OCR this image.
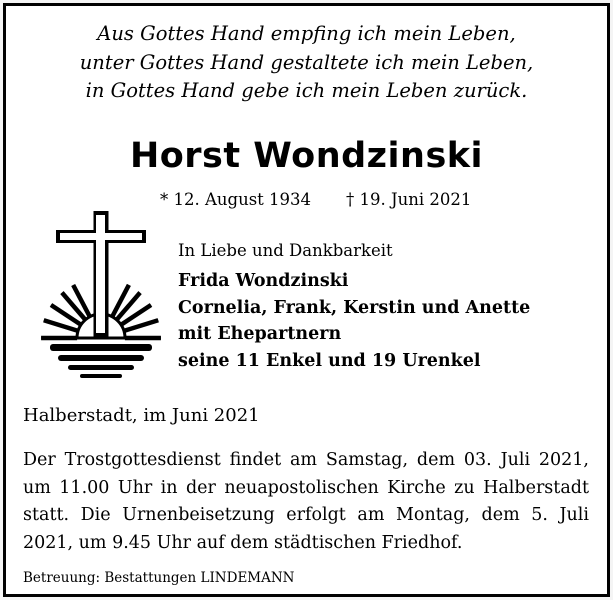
Aus Gottes Hand empfing ich mein Leben,
unter Gottes Hand gestaltete ich mein Leben,
in Gottes Hand gebe ich mein Leben zurück.
Horst Wondzinski
* 12. August 1934 † 19. Juni 2021
In Liebe und Dankbarkeit
Frida Wondzinski
Cornelia, Frank, Kerstin und Anette
mit Ehepartnern
seine 11 Enkel und 19 Urenkel
Halberstadt, im Juni 2021
Der Trostgottesdienst findet am Samstag, dem 03. Juli 2021,
um 11.00 Uhr in der neuapostolischen Kirche zu Halberstadt
statt. Die Urnenbeisetzung erfolgt am Montag, dem 5. Juli
2021, um 9.45 Uhr auf dem städtischen Friedhof.
Betreuung: Bestattungen LINDEMANN
